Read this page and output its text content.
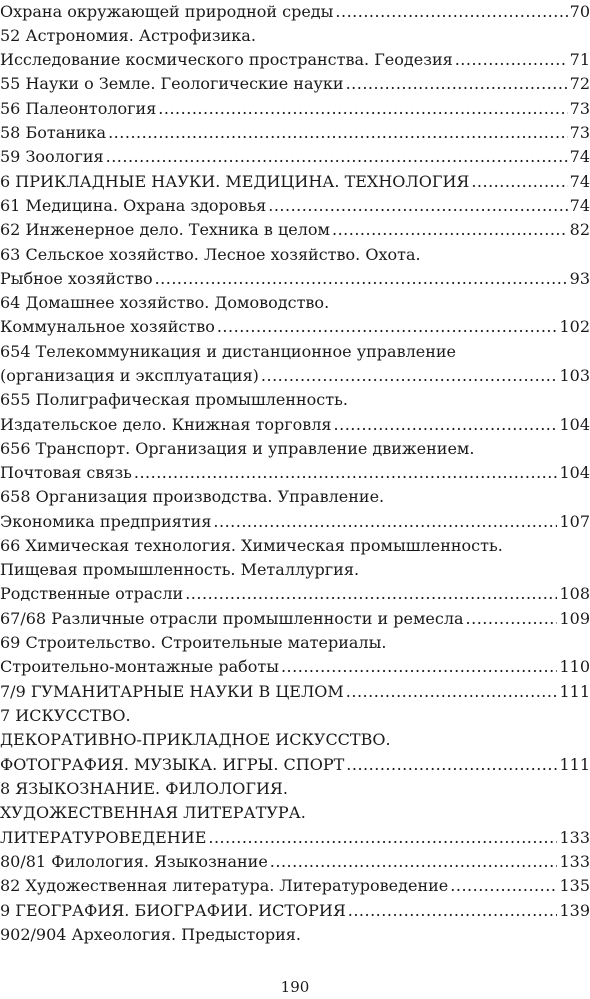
Охрана окружающей природной среды .....	70
52 Астрономия. Астрофизика.
Исследование космического пространства. Геодезия .....	71
55 Науки о Земле. Геологические науки .....	72
56 Палеонтология .....	73
58 Ботаника .....	73
59 Зоология .....	74
6 ПРИКЛАДНЫЕ НАУКИ. МЕДИЦИНА. ТЕХНОЛОГИЯ .....	74
61 Медицина. Охрана здоровья .....	74
62 Инженерное дело. Техника в целом .....	82
63 Сельское хозяйство. Лесное хозяйство. Охота.
Рыбное хозяйство .....	93
64 Домашнее хозяйство. Домоводство.
Коммунальное хозяйство .....	102
654 Телекоммуникация и дистанционное управление
(организация и эксплуатация) .....	103
655 Полиграфическая промышленность.
Издательское дело. Книжная торговля .....	104
656 Транспорт. Организация и управление движением.
Почтовая связь .....	104
658 Организация производства. Управление.
Экономика предприятия .....	107
66 Химическая технология. Химическая промышленность.
Пищевая промышленность. Металлургия.
Родственные отрасли .....	108
67/68 Различные отрасли промышленности и ремесла .....	109
69 Строительство. Строительные материалы.
Строительно-монтажные работы .....	110
7/9 ГУМАНИТАРНЫЕ НАУКИ В ЦЕЛОМ .....	111
7 ИСКУССТВО.
ДЕКОРАТИВНО-ПРИКЛАДНОЕ ИСКУССТВО.
ФОТОГРАФИЯ. МУЗЫКА. ИГРЫ. СПОРТ .....	111
8 ЯЗЫКОЗНАНИЕ. ФИЛОЛОГИЯ.
ХУДОЖЕСТВЕННАЯ ЛИТЕРАТУРА.
ЛИТЕРАТУРОВЕДЕНИЕ .....	133
80/81 Филология. Языкознание .....	133
82 Художественная литература. Литературоведение .....	135
9 ГЕОГРАФИЯ. БИОГРАФИИ. ИСТОРИЯ .....	139
902/904 Археология. Предыстория.
190
